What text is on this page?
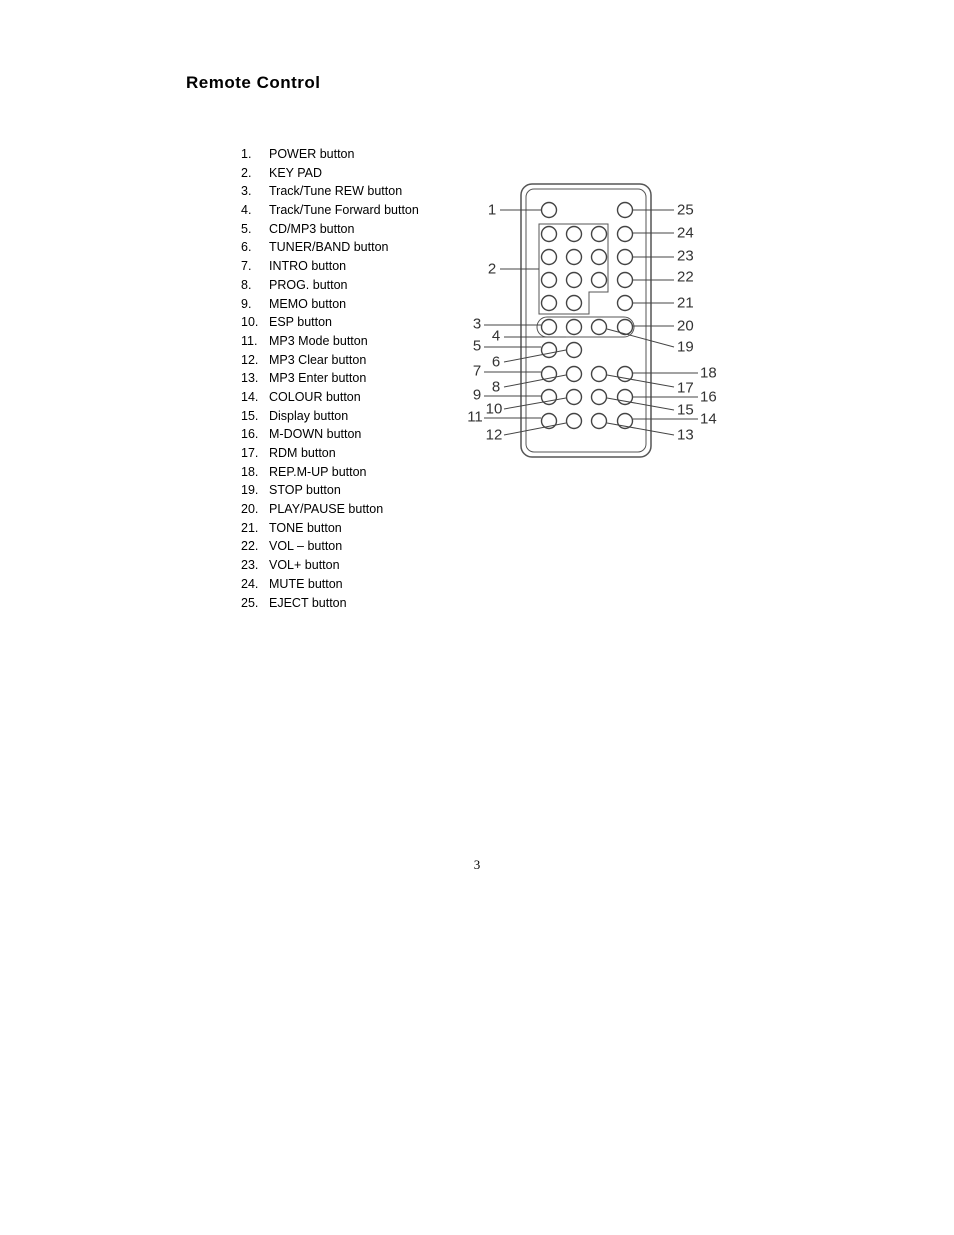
Remote Control
1. POWER button
2. KEY PAD
3. Track/Tune REW button
4. Track/Tune Forward button
5. CD/MP3 button
6. TUNER/BAND button
7. INTRO button
8. PROG. button
9. MEMO button
10. ESP button
11. MP3 Mode button
12. MP3 Clear button
13. MP3 Enter button
14. COLOUR button
15. Display button
16. M-DOWN button
17. RDM button
18. REP.M-UP button
19. STOP button
20. PLAY/PAUSE button
21. TONE button
22. VOL – button
23. VOL+ button
24. MUTE button
25. EJECT button
1
2
3
4
5
6
7
8
9
10
11
12	13
14
15
16
17
18
19
20
21
22
23
24
25
3
